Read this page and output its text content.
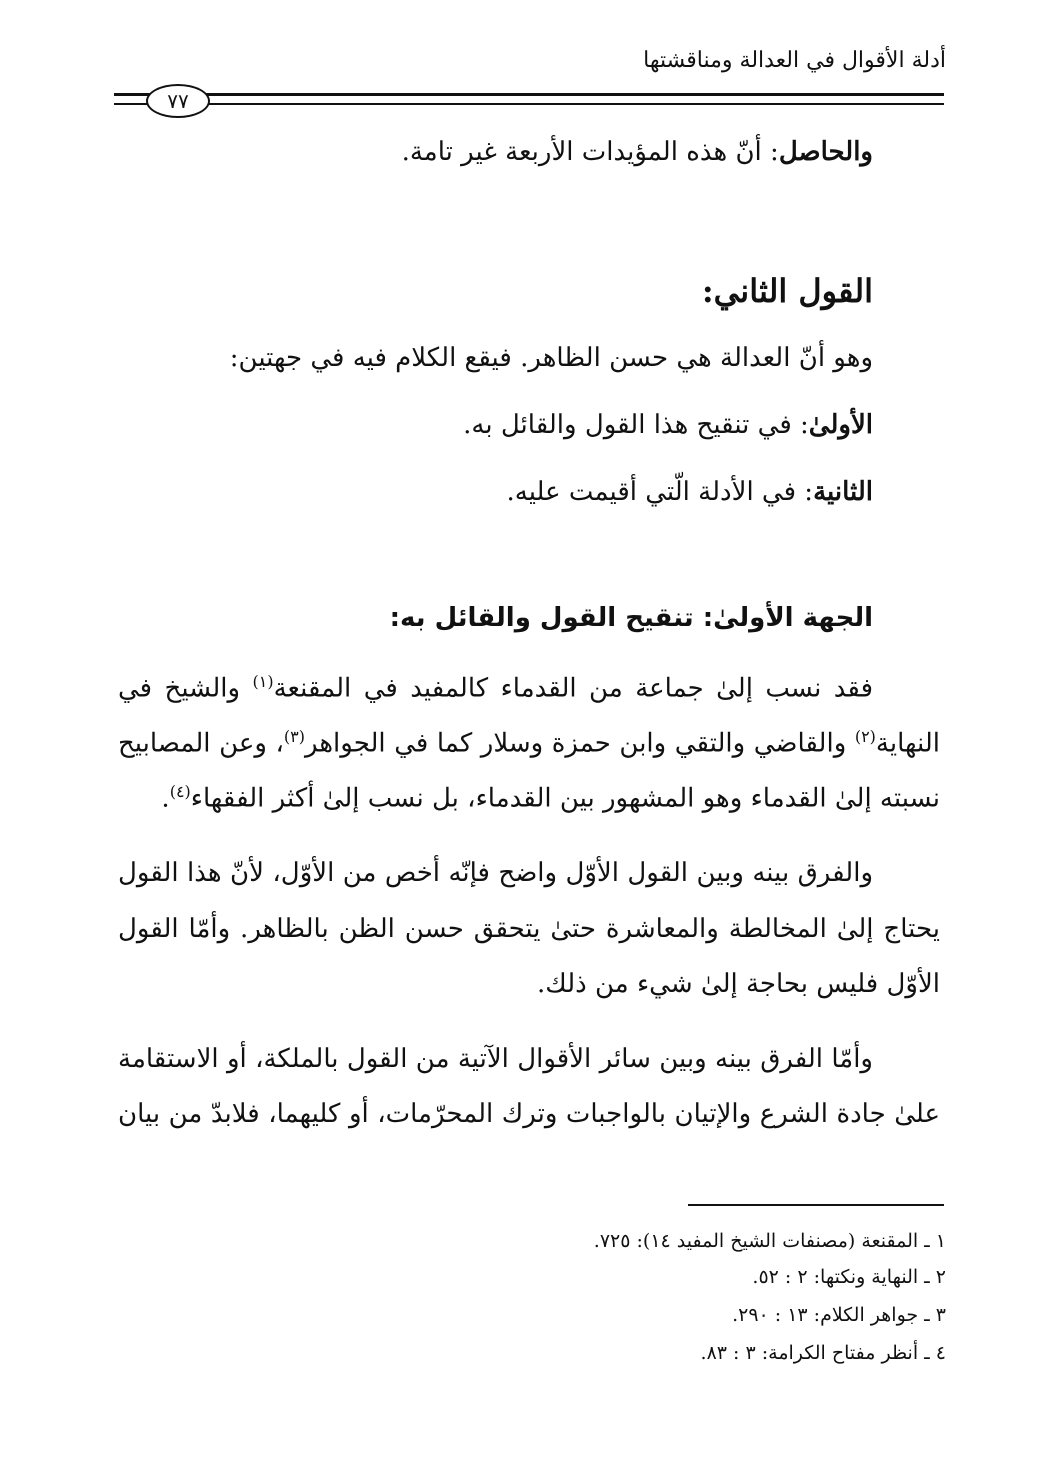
أدلة الأقوال في العدالة ومناقشتها
٧٧
والحاصل: أنّ هذه المؤيدات الأربعة غير تامة.
القول الثاني:
وهو أنّ العدالة هي حسن الظاهر. فيقع الكلام فيه في جهتين:
الأولىٰ: في تنقيح هذا القول والقائل به.
الثانية: في الأدلة الّتي أقيمت عليه.
الجهة الأولىٰ: تنقيح القول والقائل به:
فقد نسب إلىٰ جماعة من القدماء كالمفيد في المقنعة$^{(١)}$ والشيخ في
النهاية$^{(٢)}$ والقاضي والتقي وابن حمزة وسلار كما في الجواهر$^{(٣)}$، وعن المصابيح
نسبته إلىٰ القدماء وهو المشهور بين القدماء، بل نسب إلىٰ أكثر الفقهاء$^{(٤)}$.
والفرق بينه وبين القول الأوّل واضح فإنّه أخص من الأوّل، لأنّ هذا القول
يحتاج إلىٰ المخالطة والمعاشرة حتىٰ يتحقق حسن الظن بالظاهر. وأمّا القول
الأوّل فليس بحاجة إلىٰ شيء من ذلك.
وأمّا الفرق بينه وبين سائر الأقوال الآتية من القول بالملكة، أو الاستقامة
علىٰ جادة الشرع والإتيان بالواجبات وترك المحرّمات، أو كليهما، فلابدّ من بيان
١ ـ المقنعة (مصنفات الشيخ المفيد ١٤): ٧٢٥.
٢ ـ النهاية ونكتها: ٢ : ٥٢.
٣ ـ جواهر الكلام: ١٣ : ٢٩٠.
٤ ـ أنظر مفتاح الكرامة: ٣ : ٨٣.
